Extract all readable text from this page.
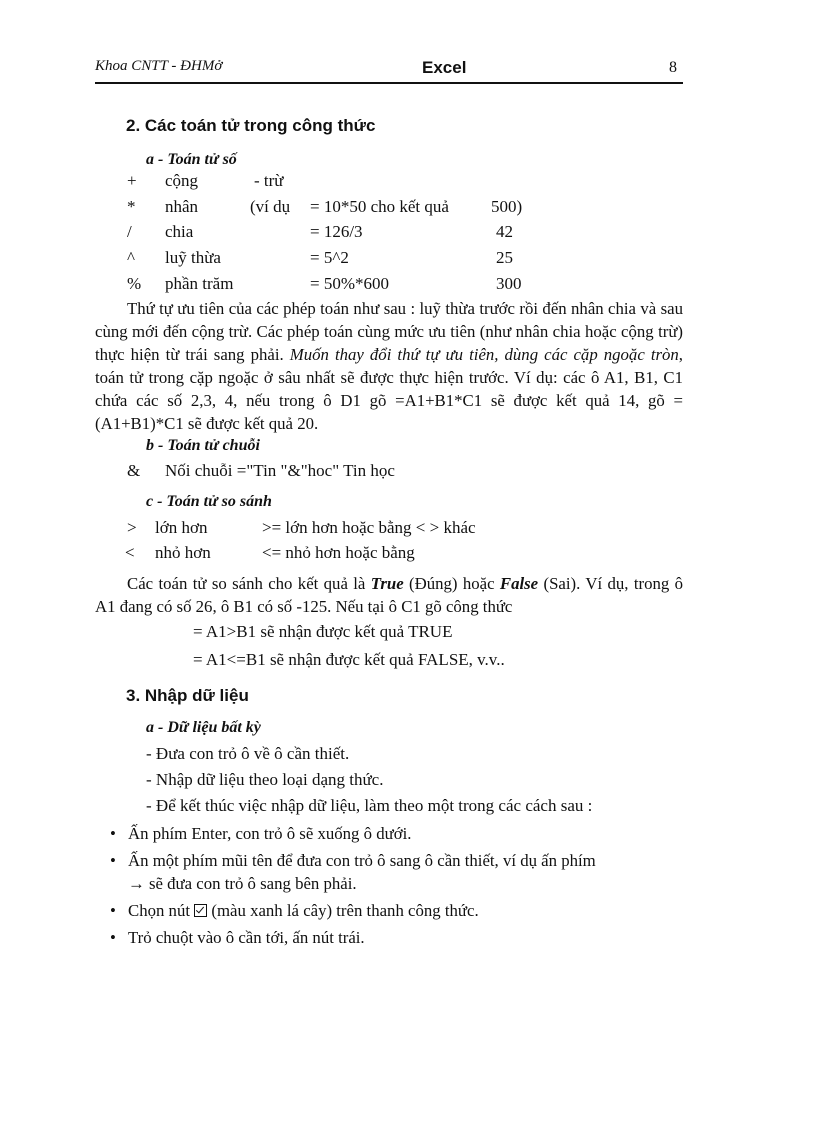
Khoa CNTT - ĐHMở	Excel	8
2. Các toán tử trong công thức
a - Toán tử số
+ cộng	- trừ
* nhân	(ví dụ = 10*50 cho kết quả 500)
/ chia	= 126/3	42
^ luỹ thừa	= 5^2	25
% phần trăm	= 50%*600	300
Thứ tự ưu tiên của các phép toán như sau : luỹ thừa trước rồi đến nhân chia và sau cùng mới đến cộng trừ. Các phép toán cùng mức ưu tiên (như nhân chia hoặc cộng trừ) thực hiện từ trái sang phải. Muốn thay đổi thứ tự ưu tiên, dùng các cặp ngoặc tròn, toán tử trong cặp ngoặc ở sâu nhất sẽ được thực hiện trước. Ví dụ: các ô A1, B1, C1 chứa các số 2,3, 4, nếu trong ô D1 gõ =A1+B1*C1 sẽ được kết quả 14, gõ =(A1+B1)*C1 sẽ được kết quả 20.
b - Toán tử chuỗi
& Nối chuỗi ="Tin "&"hoc" Tin học
c - Toán tử so sánh
> lớn hơn	>= lớn hơn hoặc bằng < > khác
< nhỏ hơn	<= nhỏ hơn hoặc bằng
Các toán tử so sánh cho kết quả là True (Đúng) hoặc False (Sai). Ví dụ, trong ô A1 đang có số 26, ô B1 có số -125. Nếu tại ô C1 gõ công thức
= A1>B1 sẽ nhận được kết quả TRUE
= A1<=B1 sẽ nhận được kết quả FALSE, v.v..
3. Nhập dữ liệu
a - Dữ liệu bất kỳ
- Đưa con trỏ ô về ô cần thiết.
- Nhập dữ liệu theo loại dạng thức.
- Để kết thúc việc nhập dữ liệu, làm theo một trong các cách sau :
• Ấn phím Enter, con trỏ ô sẽ xuống ô dưới.
• Ấn một phím mũi tên để đưa con trỏ ô sang ô cần thiết, ví dụ ấn phím
→ sẽ đưa con trỏ ô sang bên phải.
• Chọn nút  (màu xanh lá cây) trên thanh công thức.
• Trỏ chuột vào ô cần tới, ấn nút trái.
